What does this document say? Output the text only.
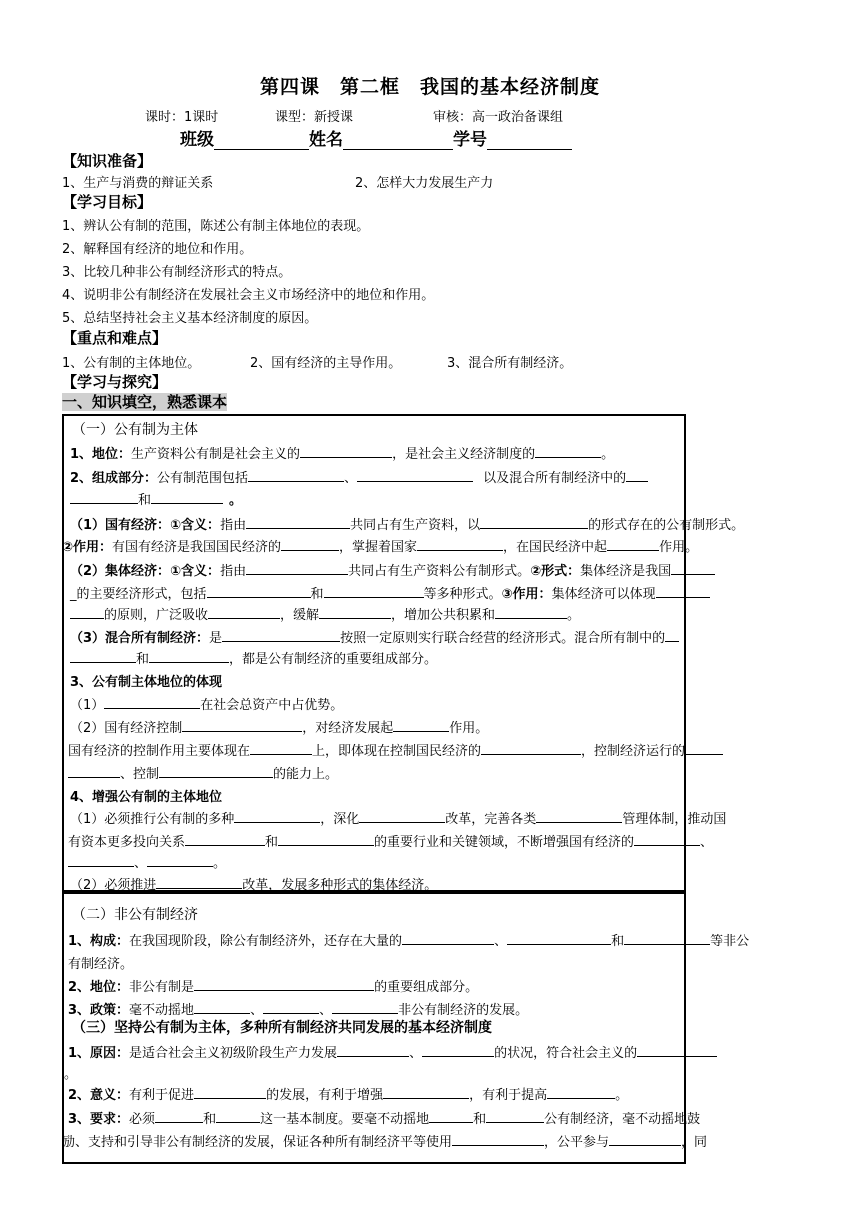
第四课　第二框　我国的基本经济制度
课时：1课时	课型：新授课	审核：高一政治备课组
班级	姓名	学号
【知识准备】
1、生产与消费的辩证关系	2、怎样大力发展生产力
【学习目标】
1、辨认公有制的范围，陈述公有制主体地位的表现。
2、解释国有经济的地位和作用。
3、比较几种非公有制经济形式的特点。
4、说明非公有制经济在发展社会主义市场经济中的地位和作用。
5、总结坚持社会主义基本经济制度的原因。
【重点和难点】
1、公有制的主体地位。	2、国有经济的主导作用。	3、混合所有制经济。
【学习与探究】
一、知识填空，熟悉课本
（一）公有制为主体
1、地位：生产资料公有制是社会主义的	，是社会主义经济制度的	。
2、组成部分：公有制范围包括	、	以及混合所有制经济中的
和	。
（1）国有经济：①含义：指由	共同占有生产资料，以	的形式存在的公有制形式。
②作用：有国有经济是我国国民经济的	，掌握着国家	，在国民经济中起	作用。
（2）集体经济：①含义：指由	共同占有生产资料公有制形式。②形式：集体经济是我国
_的主要经济形式，包括	和	等多种形式。③作用：集体经济可以体现
的原则，广泛吸收	，缓解	，增加公共积累和	。
（3）混合所有制经济：是	按照一定原则实行联合经营的经济形式。混合所有制中的
和	，都是公有制经济的重要组成部分。
3、公有制主体地位的体现
（1）	在社会总资产中占优势。
（2）国有经济控制	，对经济发展起	作用。
国有经济的控制作用主要体现在	上，即体现在控制国民经济的	，控制经济运行的
、控制	的能力上。
4、增强公有制的主体地位
（1）必须推行公有制的多种	，深化	改革，完善各类	管理体制，推动国
有资本更多投向关系	和	的重要行业和关键领域，不断增强国有经济的	、
、	。
（2）必须推进	改革，发展多种形式的集体经济。
（二）非公有制经济
1、构成：在我国现阶段，除公有制经济外，还存在大量的	、	和	等非公
有制经济。
2、地位：非公有制是	的重要组成部分。
3、政策：毫不动摇地	、	、	非公有制经济的发展。
（三）坚持公有制为主体，多种所有制经济共同发展的基本经济制度
1、原因：是适合社会主义初级阶段生产力发展	、	的状况，符合社会主义的
。
2、意义：有利于促进	的发展，有利于增强	，有利于提高	。
3、要求：必须	和	这一基本制度。要毫不动摇地	和	公有制经济，毫不动摇地鼓
励、支持和引导非公有制经济的发展，保证各种所有制经济平等使用	，公平参与	，同
